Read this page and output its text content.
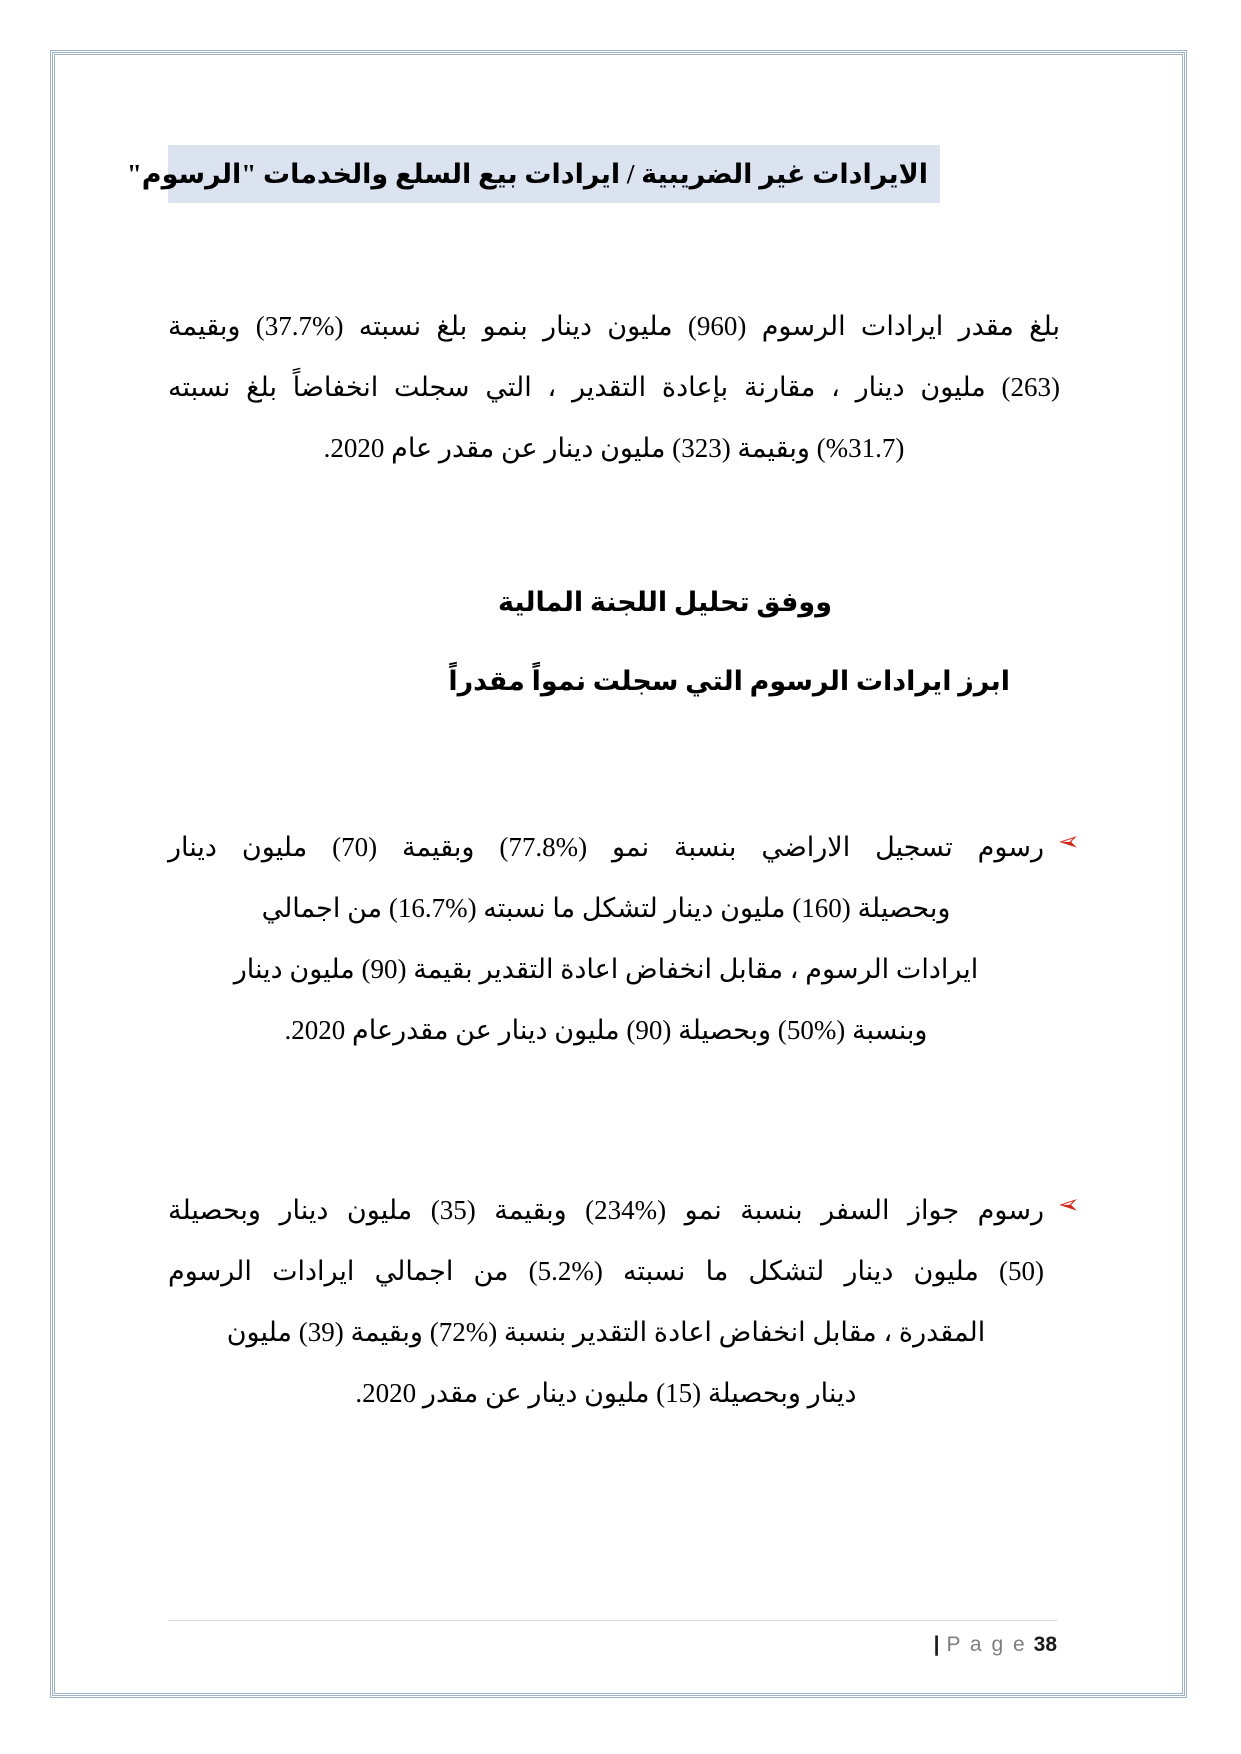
الايرادات غير الضريبية / ايرادات بيع السلع والخدمات "الرسوم"
بلغ مقدر ايرادات الرسوم (960) مليون دينار بنمو بلغ نسبته (%37.7) وبقيمة
(263) مليون دينار ، مقارنة بإعادة التقدير ، التي سجلت انخفاضاً بلغ نسبته
(%31.7) وبقيمة (323) مليون دينار عن مقدر عام 2020.
ووفق تحليل اللجنة المالية
ابرز ايرادات الرسوم التي سجلت نمواً مقدراً
➢
رسوم تسجيل الاراضي بنسبة نمو (%77.8) وبقيمة (70) مليون دينار
وبحصيلة (160) مليون دينار لتشكل ما نسبته (%16.7) من اجمالي
ايرادات الرسوم ، مقابل انخفاض اعادة التقدير بقيمة (90) مليون دينار
وبنسبة (%50) وبحصيلة (90) مليون دينار عن مقدرعام 2020.
➢
رسوم جواز السفر بنسبة نمو (%234) وبقيمة (35) مليون دينار وبحصيلة
(50) مليون دينار لتشكل ما نسبته (%5.2) من اجمالي ايرادات الرسوم
المقدرة ، مقابل انخفاض اعادة التقدير بنسبة (%72) وبقيمة (39) مليون
دينار وبحصيلة (15) مليون دينار عن مقدر 2020.
| P a g e 38
